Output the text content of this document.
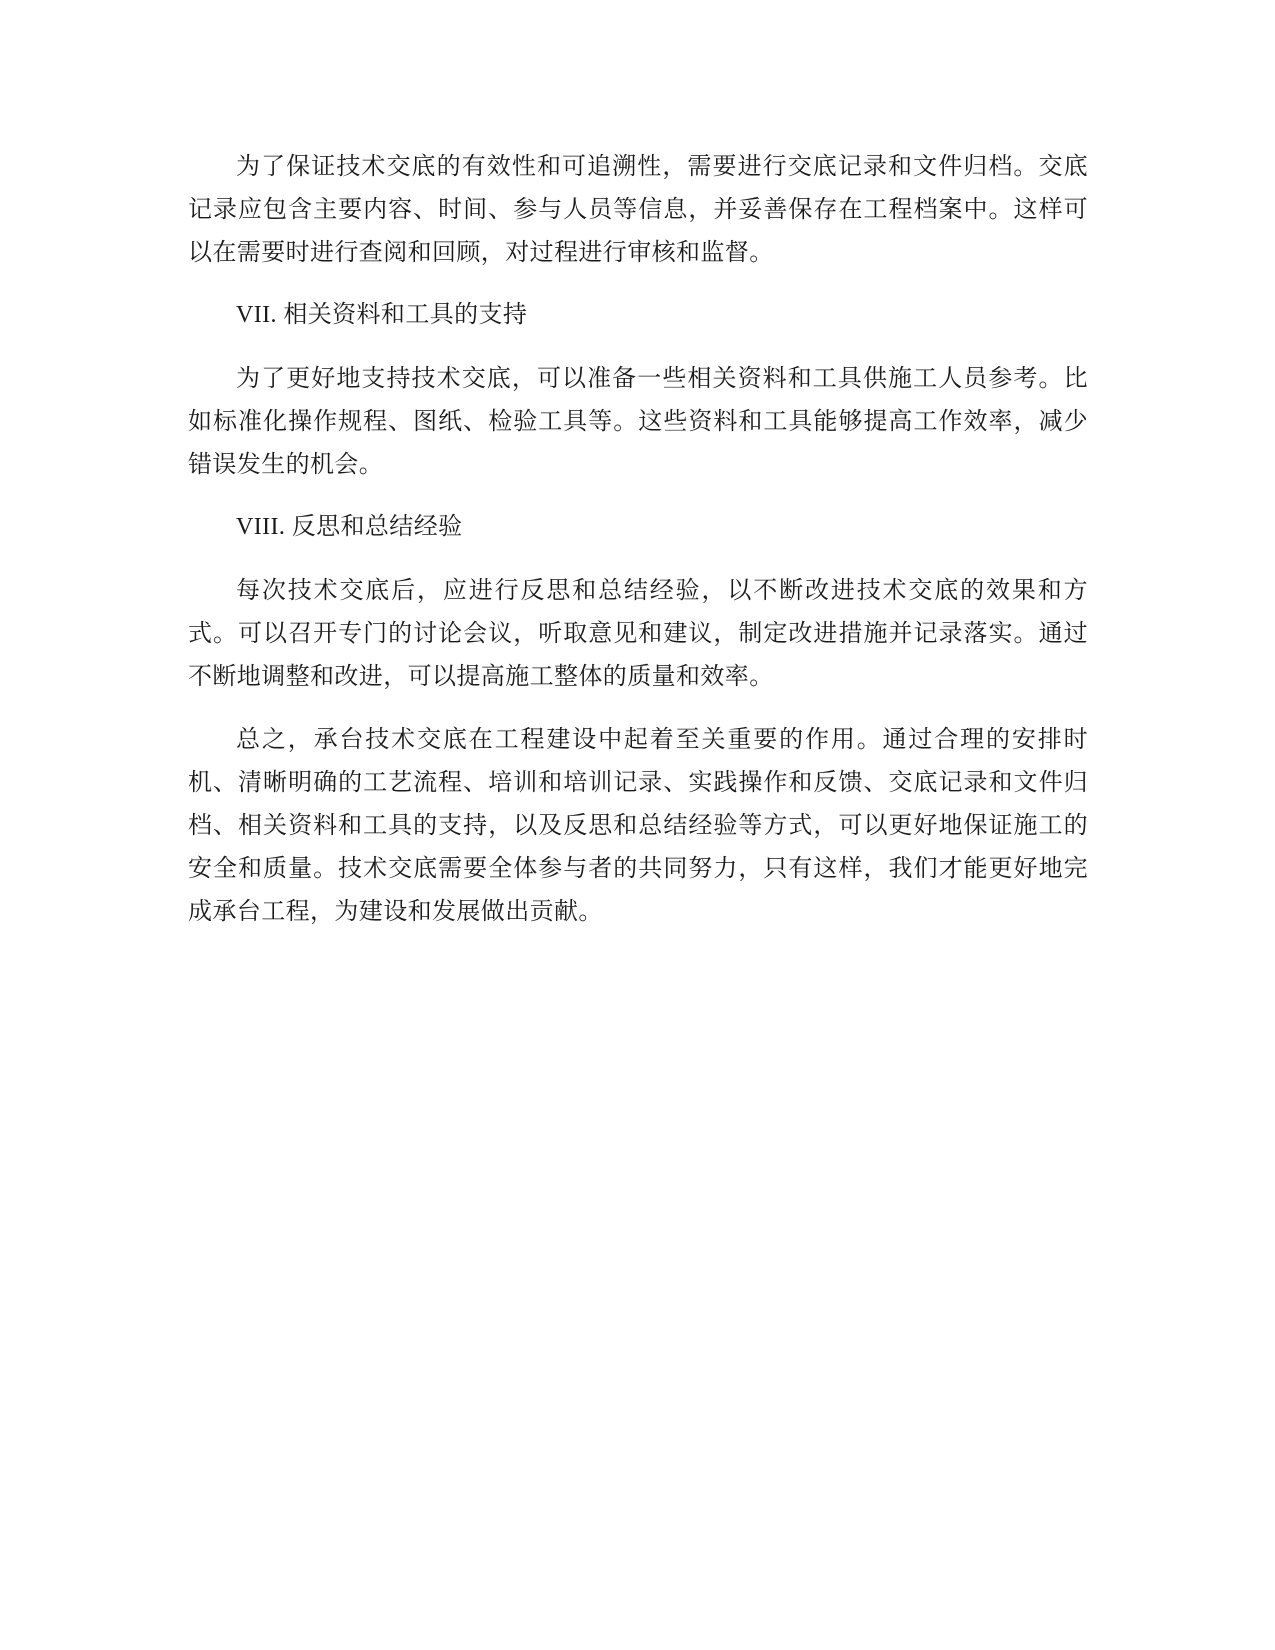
为了保证技术交底的有效性和可追溯性，需要进行交底记录和文件归档。交底记录应包含主要内容、时间、参与人员等信息，并妥善保存在工程档案中。这样可以在需要时进行查阅和回顾，对过程进行审核和监督。

VII. 相关资料和工具的支持

为了更好地支持技术交底，可以准备一些相关资料和工具供施工人员参考。比如标准化操作规程、图纸、检验工具等。这些资料和工具能够提高工作效率，减少错误发生的机会。

VIII. 反思和总结经验

每次技术交底后，应进行反思和总结经验，以不断改进技术交底的效果和方式。可以召开专门的讨论会议，听取意见和建议，制定改进措施并记录落实。通过不断地调整和改进，可以提高施工整体的质量和效率。

总之，承台技术交底在工程建设中起着至关重要的作用。通过合理的安排时机、清晰明确的工艺流程、培训和培训记录、实践操作和反馈、交底记录和文件归档、相关资料和工具的支持，以及反思和总结经验等方式，可以更好地保证施工的安全和质量。技术交底需要全体参与者的共同努力，只有这样，我们才能更好地完成承台工程，为建设和发展做出贡献。
